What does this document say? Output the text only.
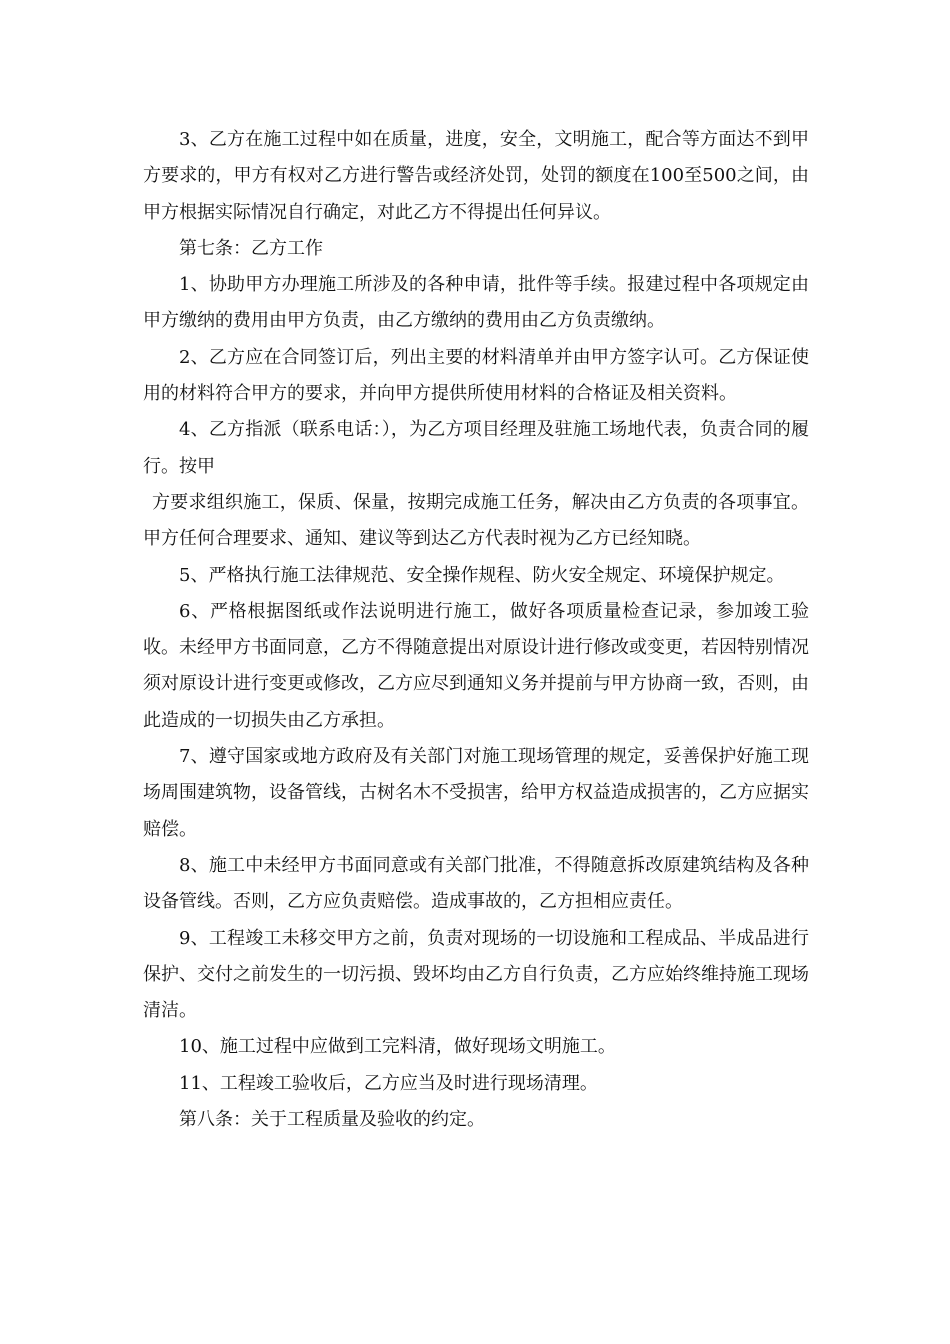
3、乙方在施工过程中如在质量，进度，安全，文明施工，配合等方面达不到甲方要求的，甲方有权对乙方进行警告或经济处罚，处罚的额度在100至500之间，由甲方根据实际情况自行确定，对此乙方不得提出任何异议。

第七条：乙方工作

1、协助甲方办理施工所涉及的各种申请，批件等手续。报建过程中各项规定由甲方缴纳的费用由甲方负责，由乙方缴纳的费用由乙方负责缴纳。

2、乙方应在合同签订后，列出主要的材料清单并由甲方签字认可。乙方保证使用的材料符合甲方的要求，并向甲方提供所使用材料的合格证及相关资料。

4、乙方指派（联系电话：），为乙方项目经理及驻施工场地代表，负责合同的履行。按甲

方要求组织施工，保质、保量，按期完成施工任务，解决由乙方负责的各项事宜。甲方任何合理要求、通知、建议等到达乙方代表时视为乙方已经知晓。

5、严格执行施工法律规范、安全操作规程、防火安全规定、环境保护规定。

6、严格根据图纸或作法说明进行施工，做好各项质量检查记录，参加竣工验收。未经甲方书面同意，乙方不得随意提出对原设计进行修改或变更，若因特别情况须对原设计进行变更或修改，乙方应尽到通知义务并提前与甲方协商一致，否则，由此造成的一切损失由乙方承担。

7、遵守国家或地方政府及有关部门对施工现场管理的规定，妥善保护好施工现场周围建筑物，设备管线，古树名木不受损害，给甲方权益造成损害的，乙方应据实赔偿。

8、施工中未经甲方书面同意或有关部门批准，不得随意拆改原建筑结构及各种设备管线。否则，乙方应负责赔偿。造成事故的，乙方担相应责任。

9、工程竣工未移交甲方之前，负责对现场的一切设施和工程成品、半成品进行保护、交付之前发生的一切污损、毁坏均由乙方自行负责，乙方应始终维持施工现场清洁。

10、施工过程中应做到工完料清，做好现场文明施工。

11、工程竣工验收后，乙方应当及时进行现场清理。

第八条：关于工程质量及验收的约定。
